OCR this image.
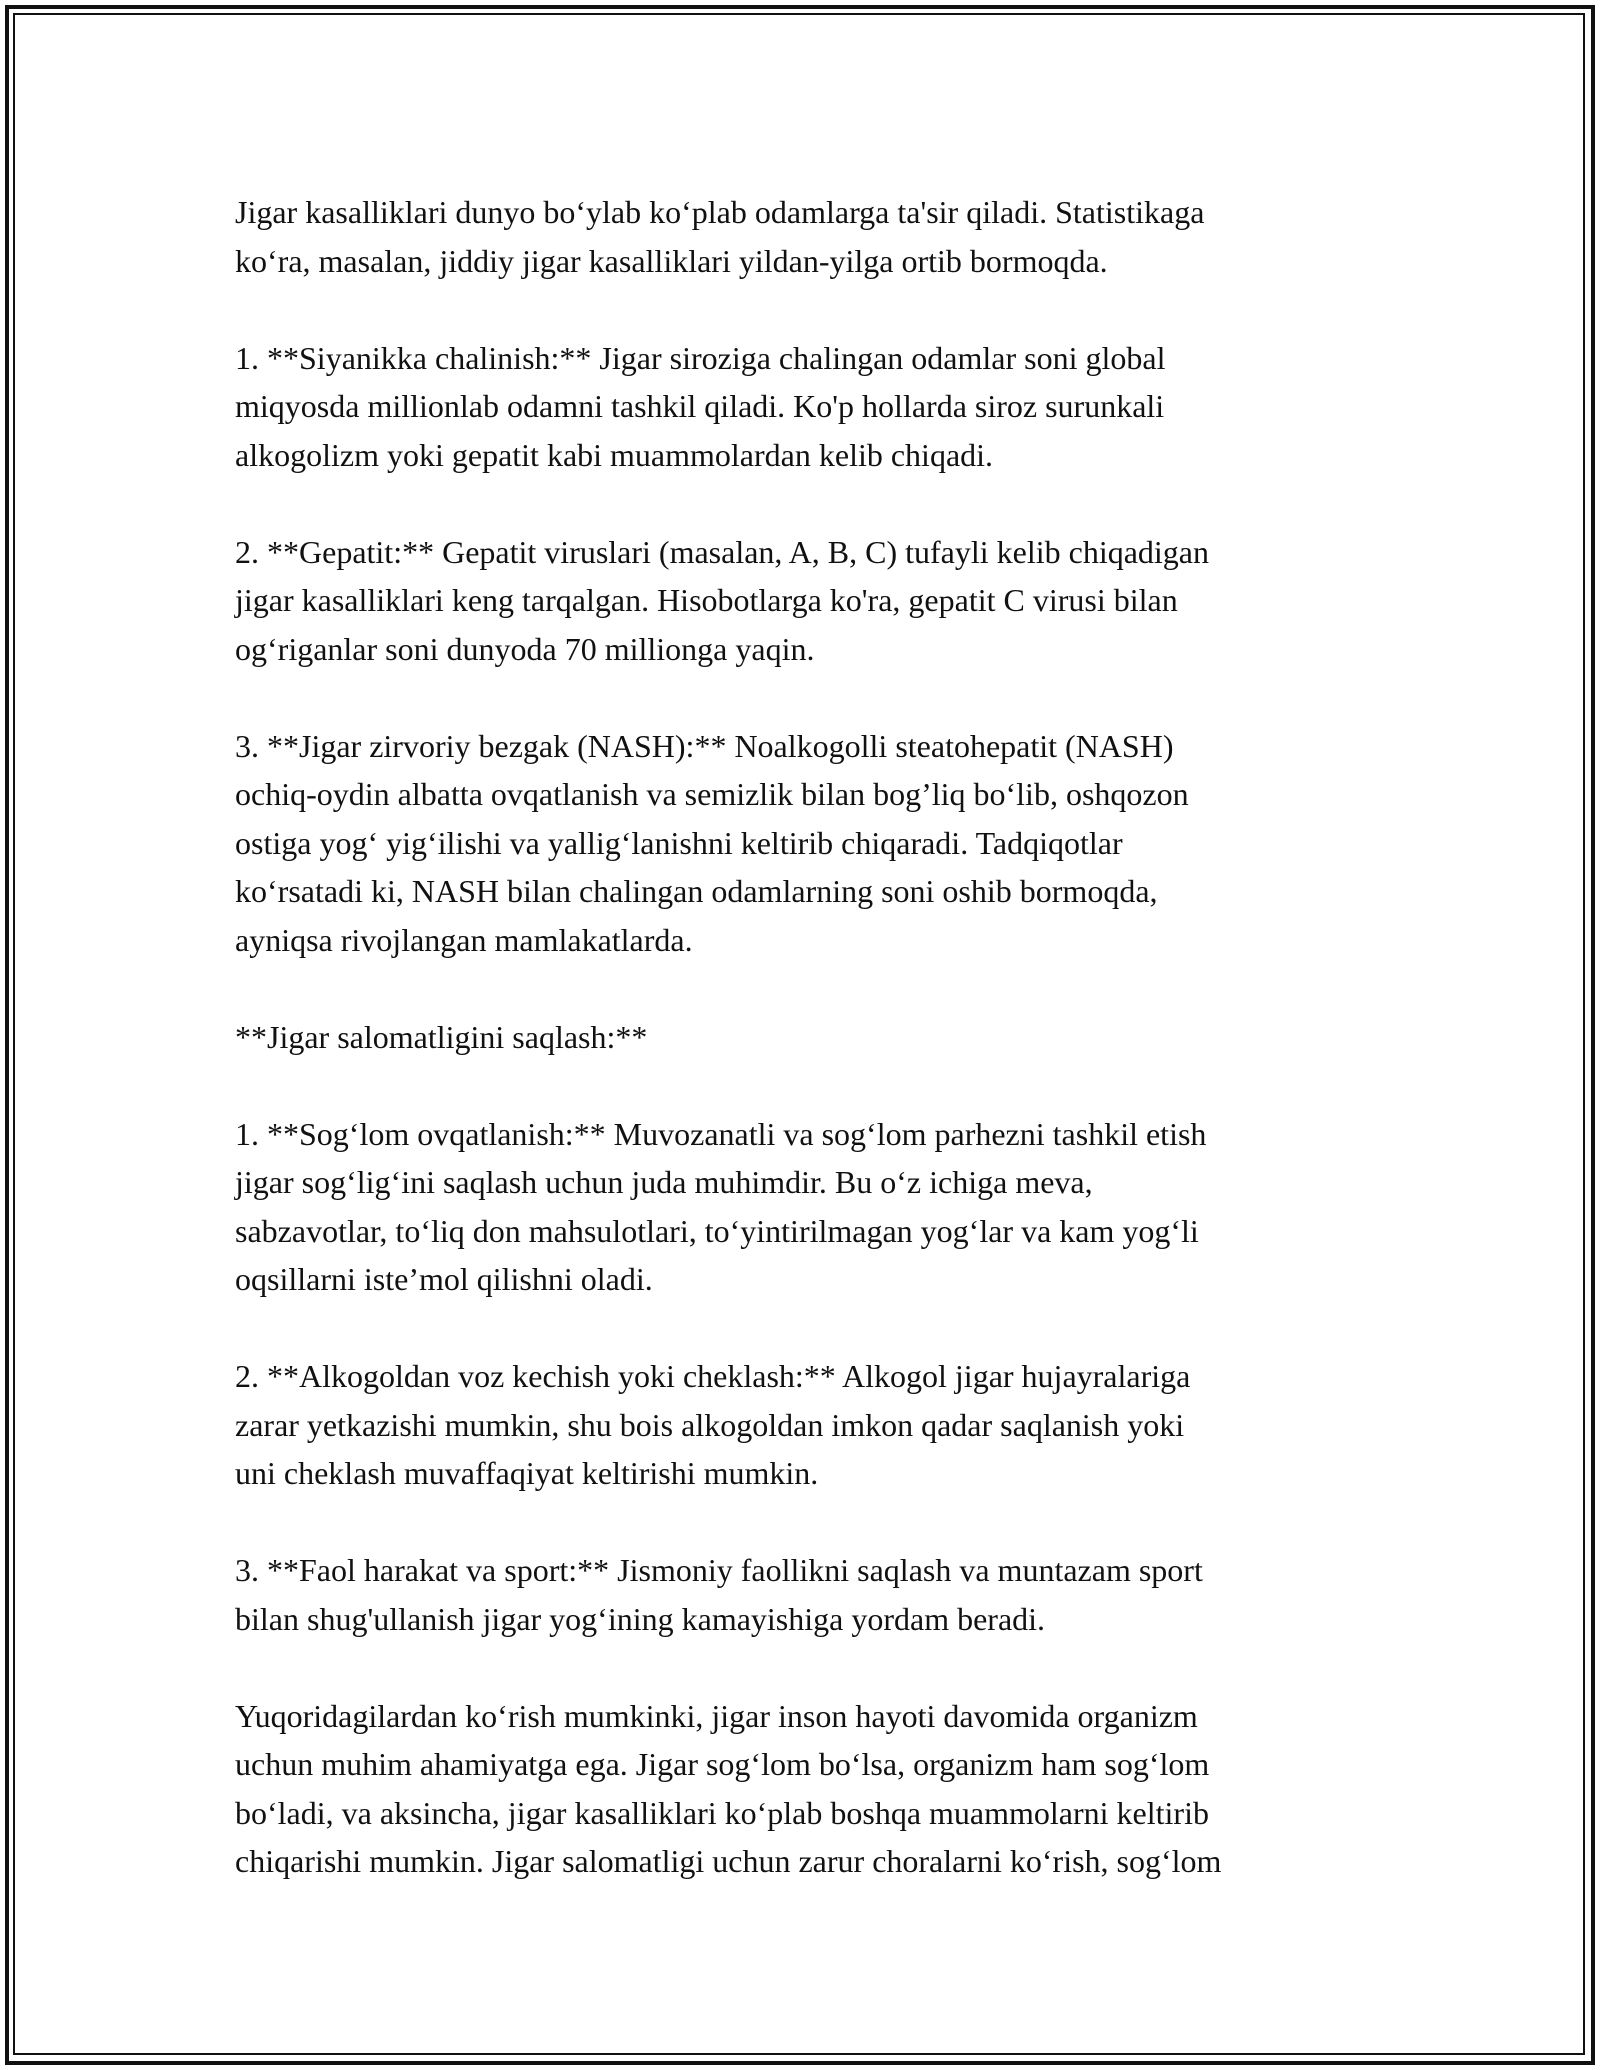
Jigar kasalliklari dunyo bo‘ylab ko‘plab odamlarga ta'sir qiladi. Statistikaga
ko‘ra, masalan, jiddiy jigar kasalliklari yildan-yilga ortib bormoqda.

1. **Siyanikka chalinish:** Jigar siroziga chalingan odamlar soni global
miqyosda millionlab odamni tashkil qiladi. Ko'p hollarda siroz surunkali
alkogolizm yoki gepatit kabi muammolardan kelib chiqadi.

2. **Gepatit:** Gepatit viruslari (masalan, A, B, C) tufayli kelib chiqadigan
jigar kasalliklari keng tarqalgan. Hisobotlarga ko'ra, gepatit C virusi bilan
og‘riganlar soni dunyoda 70 millionga yaqin.

3. **Jigar zirvoriy bezgak (NASH):** Noalkogolli steatohepatit (NASH)
ochiq-oydin albatta ovqatlanish va semizlik bilan bog’liq bo‘lib, oshqozon
ostiga yog‘ yig‘ilishi va yallig‘lanishni keltirib chiqaradi. Tadqiqotlar
ko‘rsatadi ki, NASH bilan chalingan odamlarning soni oshib bormoqda,
ayniqsa rivojlangan mamlakatlarda.

**Jigar salomatligini saqlash:**

1. **Sog‘lom ovqatlanish:** Muvozanatli va sog‘lom parhezni tashkil etish
jigar sog‘lig‘ini saqlash uchun juda muhimdir. Bu o‘z ichiga meva,
sabzavotlar, to‘liq don mahsulotlari, to‘yintirilmagan yog‘lar va kam yog‘li
oqsillarni iste’mol qilishni oladi.

2. **Alkogoldan voz kechish yoki cheklash:** Alkogol jigar hujayralariga
zarar yetkazishi mumkin, shu bois alkogoldan imkon qadar saqlanish yoki
uni cheklash muvaffaqiyat keltirishi mumkin.

3. **Faol harakat va sport:** Jismoniy faollikni saqlash va muntazam sport
bilan shug'ullanish jigar yog‘ining kamayishiga yordam beradi.

Yuqoridagilardan ko‘rish mumkinki, jigar inson hayoti davomida organizm
uchun muhim ahamiyatga ega. Jigar sog‘lom bo‘lsa, organizm ham sog‘lom
bo‘ladi, va aksincha, jigar kasalliklari ko‘plab boshqa muammolarni keltirib
chiqarishi mumkin. Jigar salomatligi uchun zarur choralarni ko‘rish, sog‘lom
